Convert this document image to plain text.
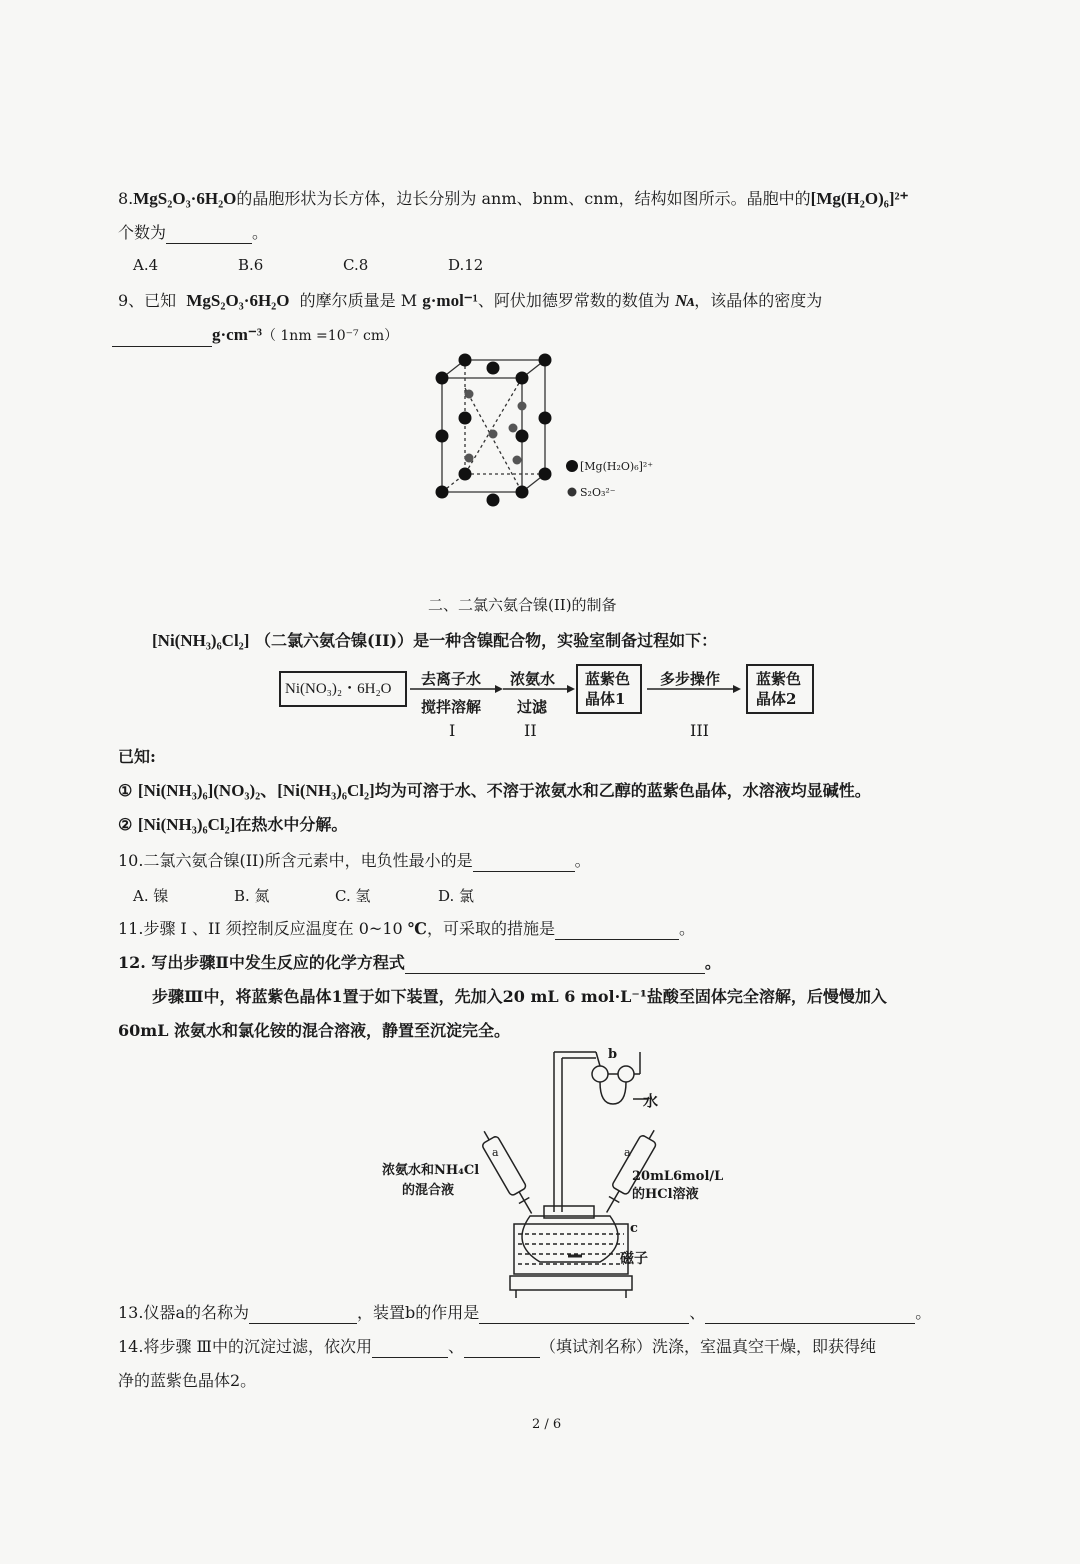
8.MgS₂O₃·6H₂O的晶胞形状为长方体，边长分别为 anm、bnm、cnm，结构如图所示。晶胞中的[Mg(H₂O)₆]²⁺
个数为	。
A.4	B.6	C.8	D.12
9、已知 MgS₂O₃·6H₂O 的摩尔质量是 M g·mol⁻¹、阿伏加德罗常数的数值为 Nᴀ，该晶体的密度为
g·cm⁻³（ 1nm =10⁻⁷ cm）
[Mg(H₂O)₆]²⁺
S₂O₃²⁻
二、二氯六氨合镍(II)的制备
[Ni(NH₃)₆Cl₂] （二氯六氨合镍(II)）是一种含镍配合物，实验室制备过程如下：
Ni(NO₃)₂・6H₂O
去离子水
搅拌溶解
浓氨水
过滤
蓝紫色
晶体1
多步操作 蓝紫色
晶体2
I	II	III
已知:
① [Ni(NH₃)₆](NO₃)₂、[Ni(NH₃)₆Cl₂]均为可溶于水、不溶于浓氨水和乙醇的蓝紫色晶体，水溶液均显碱性。
② [Ni(NH₃)₆Cl₂]在热水中分解。
10.二氯六氨合镍(II)所含元素中，电负性最小的是	。
A. 镍	B. 氮	C. 氢	D. 氯
11.步骤 I 、II 须控制反应温度在 0~10 ℃，可采取的措施是	。
12. 写出步骤Ⅱ中发生反应的化学方程式	。
步骤Ⅲ中，将蓝紫色晶体1置于如下装置，先加入20 mL 6 mol·L⁻¹盐酸至固体完全溶解，后慢慢加入
60mL 浓氨水和氯化铵的混合溶液，静置至沉淀完全。
b
水
浓氨水和NH₄Cl
的混合液
20mL6mol/L
的HCl溶液
c
磁子
a	a
13.仪器a的名称为	，装置b的作用是	、	。
14.将步骤 Ⅲ中的沉淀过滤，依次用	、	（填试剂名称）洗涤，室温真空干燥，即获得纯
净的蓝紫色晶体2。
2 / 6
